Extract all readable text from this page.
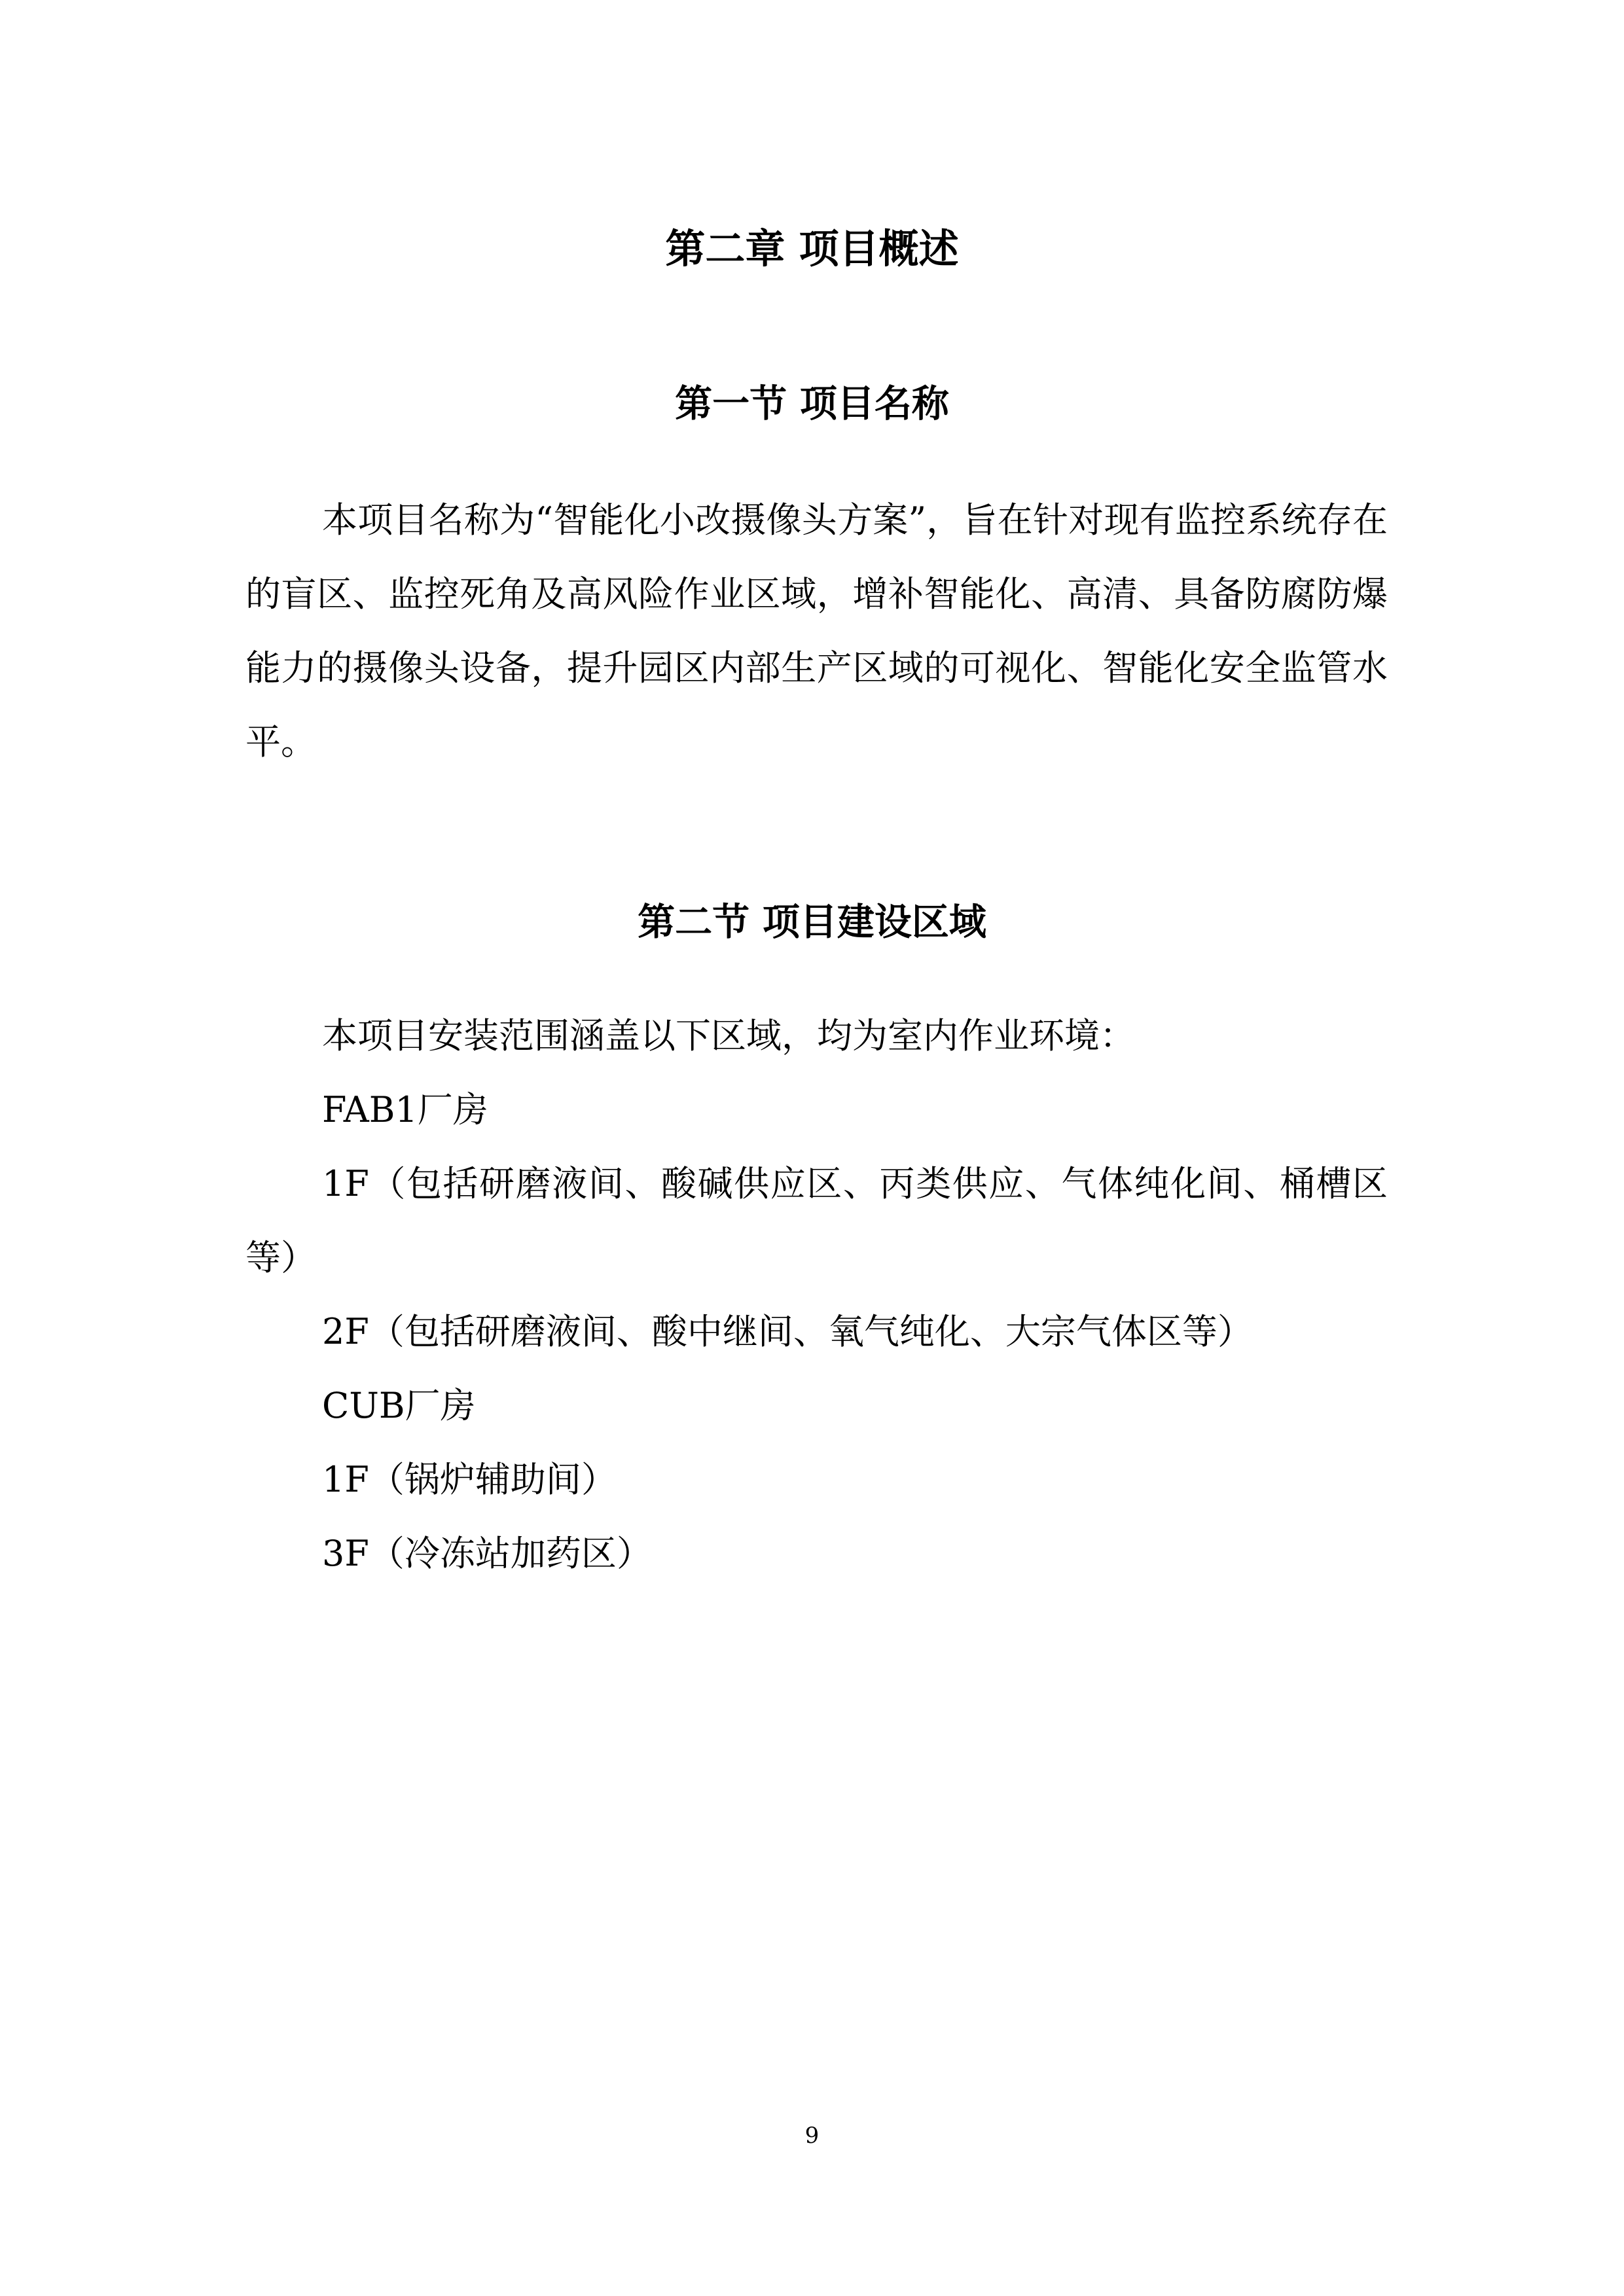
第二章 项目概述
第一节 项目名称

本项目名称为“智能化小改摄像头方案”，旨在针对现有监控系统存在的盲区、监控死角及高风险作业区域，增补智能化、高清、具备防腐防爆能力的摄像头设备，提升园区内部生产区域的可视化、智能化安全监管水平。

第二节 项目建设区域
本项目安装范围涵盖以下区域，均为室内作业环境：
FAB1厂房
1F（包括研磨液间、酸碱供应区、丙类供应、气体纯化间、桶槽区等）
2F（包括研磨液间、酸中继间、氧气纯化、大宗气体区等）
CUB厂房
1F（锅炉辅助间）
3F（冷冻站加药区）
9
